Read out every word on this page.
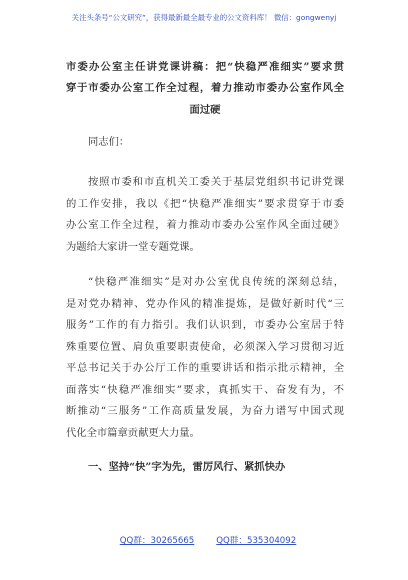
关注头条号“公文研究”，获得最新最全最专业的公文资料库！ 微信：gongwenyj
市委办公室主任讲党课讲稿：把“快稳严准细实”要求贯
穿于市委办公室工作全过程，着力推动市委办公室作风全
面过硬
同志们：
按照市委和市直机关工委关于基层党组织书记讲党课
的工作安排，我以《把“快稳严准细实”要求贯穿于市委
办公室工作全过程，着力推动市委办公室作风全面过硬》
为题给大家讲一堂专题党课。
“快稳严准细实”是对办公室优良传统的深刻总结，
是对党办精神、党办作风的精准提炼，是做好新时代“三
服务”工作的有力指引。我们认识到，市委办公室居于特
殊重要位置、肩负重要职责使命，必须深入学习贯彻习近
平总书记关于办公厅工作的重要讲话和指示批示精神，全
面落实“快稳严准细实”要求，真抓实干、奋发有为，不
断推动“三服务”工作高质量发展，为奋力谱写中国式现
代化全市篇章贡献更大力量。
一、坚持“快”字为先，雷厉风行、紧抓快办
QQ群：30265665	QQ群：535304092
